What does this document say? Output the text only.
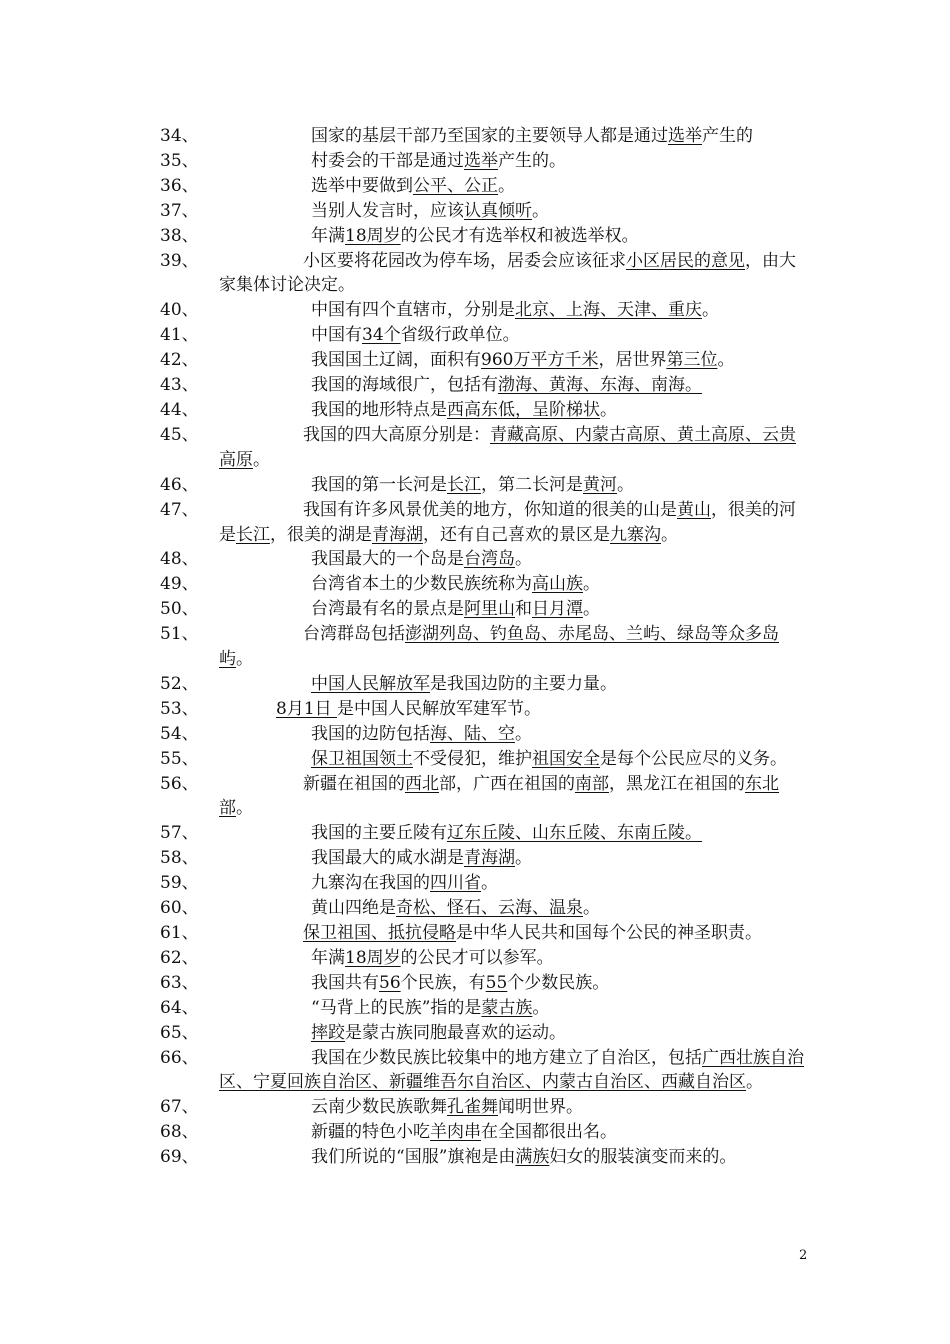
34、	国家的基层干部乃至国家的主要领导人都是通过选举产生的
35、	村委会的干部是通过选举产生的。
36、	选举中要做到公平、公正。
37、	当别人发言时，应该认真倾听。
38、	年满18周岁的公民才有选举权和被选举权。
39、	小区要将花园改为停车场，居委会应该征求小区居民的意见，由大家集体讨论决定。
40、	中国有四个直辖市，分别是北京、上海、天津、重庆。
41、	中国有34个省级行政单位。
42、	我国国土辽阔，面积有960万平方千米，居世界第三位。
43、	我国的海域很广，包括有渤海、黄海、东海、南海。
44、	我国的地形特点是西高东低，呈阶梯状。
45、	我国的四大高原分别是：青藏高原、内蒙古高原、黄土高原、云贵高原。
46、	我国的第一长河是长江，第二长河是黄河。
47、	我国有许多风景优美的地方，你知道的很美的山是黄山，很美的河是长江，很美的湖是青海湖，还有自己喜欢的景区是九寨沟。
48、	我国最大的一个岛是台湾岛。
49、	台湾省本土的少数民族统称为高山族。
50、	台湾最有名的景点是阿里山和日月潭。
51、	台湾群岛包括澎湖列岛、钓鱼岛、赤尾岛、兰屿、绿岛等众多岛屿。
52、	中国人民解放军是我国边防的主要力量。
53、	8月1日 是中国人民解放军建军节。
54、	我国的边防包括海、陆、空。
55、	保卫祖国领土不受侵犯，维护祖国安全是每个公民应尽的义务。
56、	新疆在祖国的西北部，广西在祖国的南部，黑龙江在祖国的东北部。
57、	我国的主要丘陵有辽东丘陵、山东丘陵、东南丘陵。
58、	我国最大的咸水湖是青海湖。
59、	九寨沟在我国的四川省。
60、	黄山四绝是奇松、怪石、云海、温泉。
61、	保卫祖国、抵抗侵略是中华人民共和国每个公民的神圣职责。
62、	年满18周岁的公民才可以参军。
63、	我国共有56个民族，有55个少数民族。
64、	“马背上的民族”指的是蒙古族。
65、	摔跤是蒙古族同胞最喜欢的运动。
66、	我国在少数民族比较集中的地方建立了自治区，包括广西壮族自治区、宁夏回族自治区、新疆维吾尔自治区、内蒙古自治区、西藏自治区。
67、	云南少数民族歌舞孔雀舞闻明世界。
68、	新疆的特色小吃羊肉串在全国都很出名。
69、	我们所说的“国服”旗袍是由满族妇女的服装演变而来的。
2
